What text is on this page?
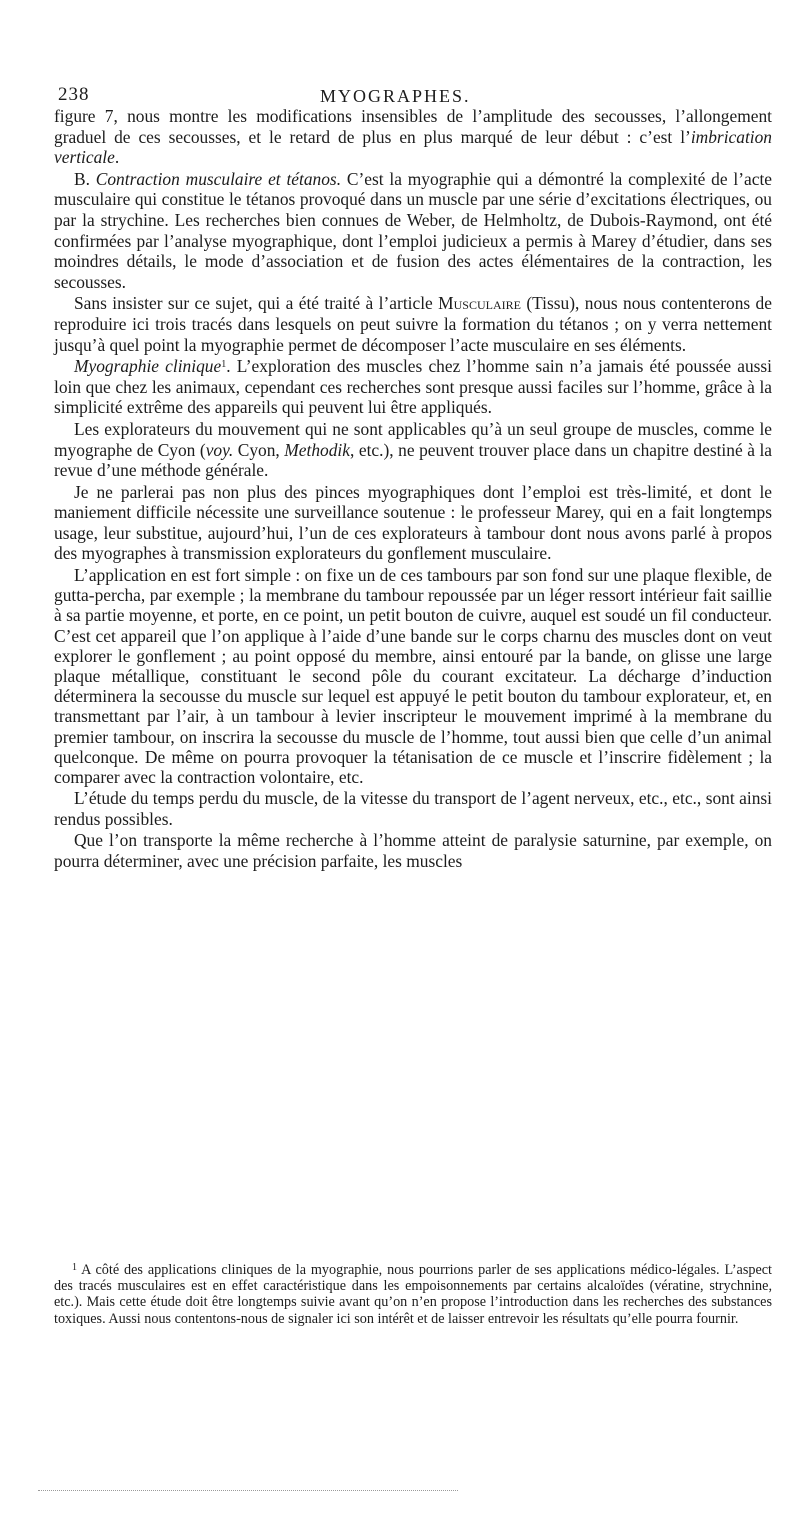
238	MYOGRAPHES.

figure 7, nous montre les modifications insensibles de l’amplitude des secousses, l’allongement graduel de ces secousses, et le retard de plus en plus marqué de leur début : c’est l’imbrication verticale.

B. Contraction musculaire et tétanos. C’est la myographie qui a démontré la complexité de l’acte musculaire qui constitue le tétanos provoqué dans un muscle par une série d’excitations électriques, ou par la strychine. Les recherches bien connues de Weber, de Helmholtz, de Dubois-Raymond, ont été confirmées par l’analyse myographique, dont l’emploi judicieux a permis à Marey d’étudier, dans ses moindres détails, le mode d’association et de fusion des actes élémentaires de la contraction, les secousses.

Sans insister sur ce sujet, qui a été traité à l’article Musculaire (Tissu), nous nous contenterons de reproduire ici trois tracés dans lesquels on peut suivre la formation du tétanos ; on y verra nettement jusqu’à quel point la myographie permet de décomposer l’acte musculaire en ses éléments.

Myographie clinique$^1$. L’exploration des muscles chez l’homme sain n’a jamais été poussée aussi loin que chez les animaux, cependant ces recherches sont presque aussi faciles sur l’homme, grâce à la simplicité extrême des appareils qui peuvent lui être appliqués.

Les explorateurs du mouvement qui ne sont applicables qu’à un seul groupe de muscles, comme le myographe de Cyon (voy. Cyon, Methodik, etc.), ne peuvent trouver place dans un chapitre destiné à la revue d’une méthode générale.

Je ne parlerai pas non plus des pinces myographiques dont l’emploi est très-limité, et dont le maniement difficile nécessite une surveillance soutenue : le professeur Marey, qui en a fait longtemps usage, leur substitue, aujourd’hui, l’un de ces explorateurs à tambour dont nous avons parlé à propos des myographes à transmission explorateurs du gonflement musculaire.

L’application en est fort simple : on fixe un de ces tambours par son fond sur une plaque flexible, de gutta-percha, par exemple ; la membrane du tambour repoussée par un léger ressort intérieur fait saillie à sa partie moyenne, et porte, en ce point, un petit bouton de cuivre, auquel est soudé un fil conducteur. C’est cet appareil que l’on applique à l’aide d’une bande sur le corps charnu des muscles dont on veut explorer le gonflement ; au point opposé du membre, ainsi entouré par la bande, on glisse une large plaque métallique, constituant le second pôle du courant excitateur. La décharge d’induction déterminera la secousse du muscle sur lequel est appuyé le petit bouton du tambour explorateur, et, en transmettant par l’air, à un tambour à levier inscripteur le mouvement imprimé à la membrane du premier tambour, on inscrira la secousse du muscle de l’homme, tout aussi bien que celle d’un animal quelconque. De même on pourra provoquer la tétanisation de ce muscle et l’inscrire fidèlement ; la comparer avec la contraction volontaire, etc.

L’étude du temps perdu du muscle, de la vitesse du transport de l’agent nerveux, etc., etc., sont ainsi rendus possibles.

Que l’on transporte la même recherche à l’homme atteint de paralysie saturnine, par exemple, on pourra déterminer, avec une précision parfaite, les muscles

$^1$ A côté des applications cliniques de la myographie, nous pourrions parler de ses applications médico-légales. L’aspect des tracés musculaires est en effet caractéristique dans les empoisonnements par certains alcaloïdes (vératine, strychnine, etc.). Mais cette étude doit être longtemps suivie avant qu’on n’en propose l’introduction dans les recherches des substances toxiques. Aussi nous contentons-nous de signaler ici son intérêt et de laisser entrevoir les résultats qu’elle pourra fournir.
